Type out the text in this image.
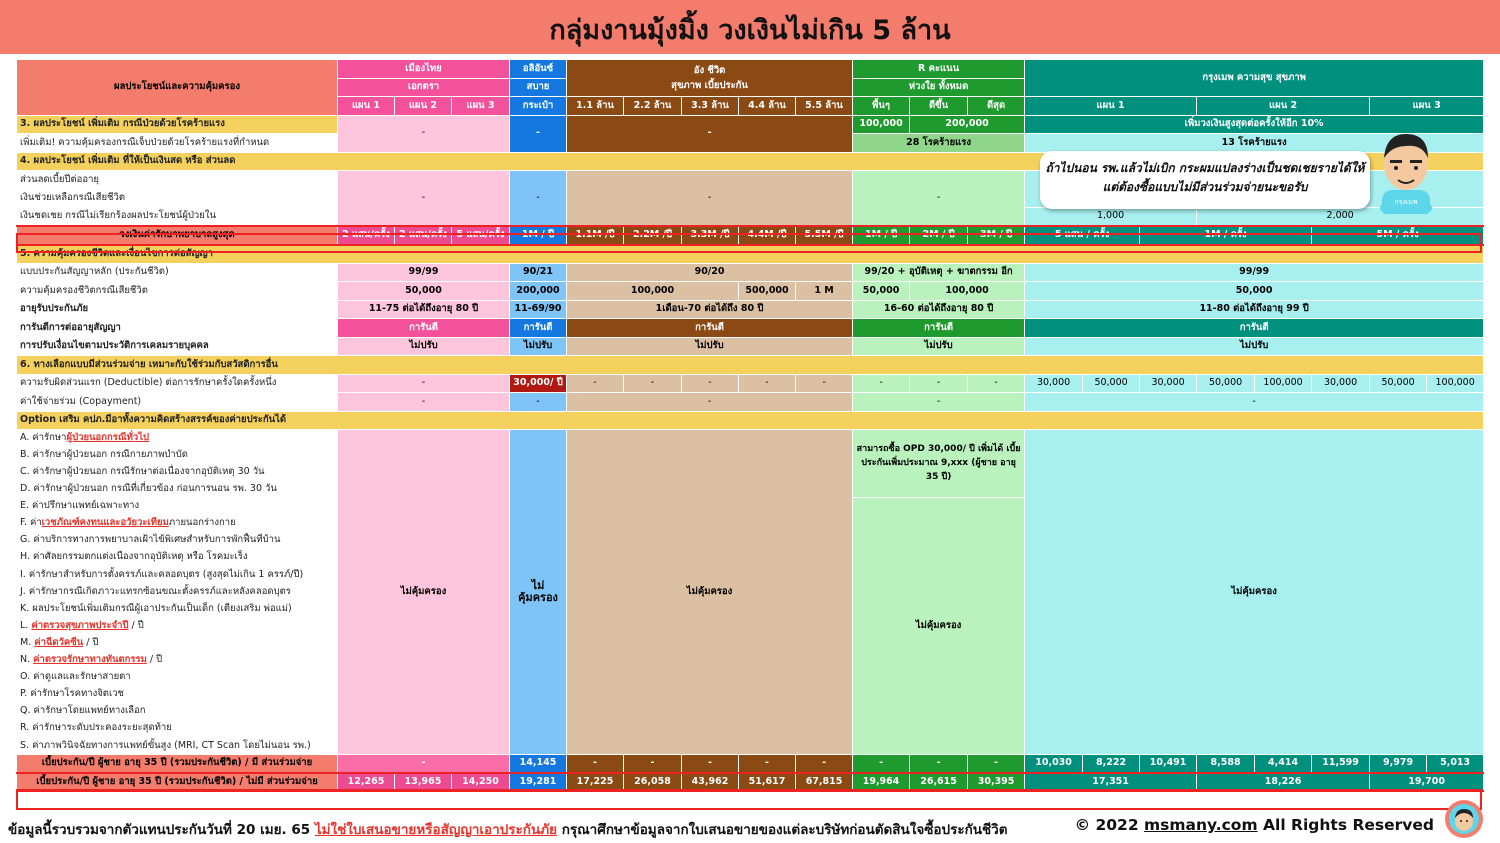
กลุ่มงานมุ้งมิ้ง วงเงินไม่เกิน 5 ล้าน
ผลประโยชน์และความคุ้มครอง	เมืองไทย			อลิอันซ์	อัง ชีวิต
สุขภาพ เบี้ยประกัน					R คะแนน			กรุงเมพ ความสุข สุขภาพ							
	เอกตรา			สบาย						ห่วงใย ทั้งหมด										
	แผน 1	แผน 2	แผน 3	กระเป๋า	1.1 ล้าน	2.2 ล้าน	3.3 ล้าน	4.4 ล้าน	5.5 ล้าน	พื้นๆ	ดีขึ้น	ดีสุด	แผน 1			แผน 2			แผน 3	
3. ผลประโยชน์ เพิ่มเติม กรณีป่วยด้วยโรคร้ายแรง	-			-	-					100,000	200,000		เพิ่มวงเงินสูงสุดต่อครั้งให้อีก 10%							
เพิ่มเติม! ความคุ้มครองกรณีเจ็บป่วยด้วยโรคร้ายแรงที่กำหนด										28 โรคร้ายแรง			13 โรคร้ายแรง							
4. ผลประโยชน์ เพิ่มเติม ที่ให้เป็นเงินสด หรือ ส่วนลด																				
ส่วนลดเบี้ยปีต่ออายุ	-			-	-					-										
เงินช่วยเหลือกรณีเสียชีวิต																				
เงินชดเชย กรณีไม่เรียกร้องผลประโยชน์ผู้ป่วยใน													1,000			2,000				
วงเงินค่ารักษาพยาบาลสูงสุด	2 แสน/ครั้ง	2 แสน/ครั้ง	5 แสน/ครั้ง	1M / ปี	1.1M /ปี	2.2M /ปี	3.3M /ปี	4.4M /ปี	5.5M /ปี	1M / ปี	2M / ปี	3M / ปี	5 แสน / ครั้ง		1M / ครั้ง			5M / ครั้ง		
5. ความคุ้มครองชีวิตและเงื่อนไขการต่อสัญญา																				
แบบประกันสัญญาหลัก (ประกันชีวิต)	99/99			90/21	90/20					99/20 + อุบัติเหตุ + ฆาตกรรม อีก			99/99							
ความคุ้มครองชีวิตกรณีเสียชีวิต	50,000			200,000	100,000			500,000	1 M	50,000	100,000		50,000							
อายุรับประกันภัย	11-75 ต่อได้ถึงอายุ 80 ปี			11-69/90	1เดือน-70 ต่อได้ถึง 80 ปี					16-60 ต่อได้ถึงอายุ 80 ปี			11-80 ต่อได้ถึงอายุ 99 ปี							
การันตีการต่ออายุสัญญา	การันตี			การันตี	การันตี					การันตี			การันตี							
การปรับเงื่อนไขตามประวัติการเคลมรายบุคคล	ไม่ปรับ			ไม่ปรับ	ไม่ปรับ					ไม่ปรับ			ไม่ปรับ							
6. ทางเลือกแบบมีส่วนร่วมจ่าย เหมาะกับใช้ร่วมกับสวัสดิการอื่น																				
ความรับผิดส่วนแรก (Deductible) ต่อการรักษาครั้งใดครั้งหนึ่ง	-			30,000/ ปี	-	-	-	-	-	-	-	-	30,000	50,000	30,000	50,000	100,000	30,000	50,000	100,000
ค่าใช้จ่ายร่วม (Copayment)	-			-	-					-			-							
Option เสริม คปภ.มีอาทั้งความคิดสร้างสรรค์ของค่ายประกันได้																				
A. ค่ารักษาผู้ป่วยนอกกรณีทั่วไป	ไม่คุ้มครอง			ไม่ คุ้มครอง	ไม่คุ้มครอง					สามารถซื้อ OPD 30,000/ ปี เพิ่มได้ เบี้ยประกันเพิ่มประมาณ 9,xxx (ผู้ชาย อายุ 35 ปี)			ไม่คุ้มครอง							
B. ค่ารักษาผู้ป่วยนอก กรณีกายภาพบำบัด																				
C. ค่ารักษาผู้ป่วยนอก กรณีรักษาต่อเนื่องจากอุบัติเหตุ 30 วัน																				
D. ค่ารักษาผู้ป่วยนอก กรณีที่เกี่ยวข้อง ก่อนการนอน รพ. 30 วัน																				
E. ค่าปรึกษาแพทย์เฉพาะทาง										ไม่คุ้มครอง										
F. ค่าเวชภัณฑ์คงทนและอวัยวะเทียมภายนอกร่างกาย																				
G. ค่าบริการทางการพยาบาลเฝ้าไข้พิเศษสำหรับการพักฟื้นที่บ้าน																				
H. ค่าศัลยกรรมตกแต่งเนื่องจากอุบัติเหตุ หรือ โรคมะเร็ง																				
I. ค่ารักษาสำหรับการตั้งครรภ์และคลอดบุตร (สูงสุดไม่เกิน 1 ครรภ์/ปี)																				
J. ค่ารักษากรณีเกิดภาวะแทรกซ้อนขณะตั้งครรภ์และหลังคลอดบุตร																				
K. ผลประโยชน์เพิ่มเติมกรณีผู้เอาประกันเป็นเด็ก (เตียงเสริม พ่อแม่)																				
L. ค่าตรวจสุขภาพประจำปี / ปี																				
M. ค่าฉีดวัคซีน / ปี																				
N. ค่าตรวจรักษาทางทันตกรรม / ปี																				
O. ค่าดูแลและรักษาสายตา																				
P. ค่ารักษาโรคทางจิตเวช																				
Q. ค่ารักษาโดยแพทย์ทางเลือก																				
R. ค่ารักษาระดับประคองระยะสุดท้าย																				
S. ค่าภาพวินิจฉัยทางการแพทย์ขั้นสูง (MRI, CT Scan โดยไม่นอน รพ.)																				
เบี้ยประกัน/ปี ผู้ชาย อายุ 35 ปี (รวมประกันชีวิต) / มี ส่วนร่วมจ่าย	-			14,145	-	-	-	-	-	-	-	-	10,030	8,222	10,491	8,588	4,414	11,599	9,979	5,013
เบี้ยประกัน/ปี ผู้ชาย อายุ 35 ปี (รวมประกันชีวิต) / ไม่มี ส่วนร่วมจ่าย	12,265	13,965	14,250	19,281	17,225	26,058	43,962	51,617	67,815	19,964	26,615	30,395	17,351			18,226			19,700	
ถ้าไปนอน รพ.แล้วไม่เบิก กระผมแปลงร่างเป็นชดเชยรายได้ให้
แต่ต้องซื้อแบบไม่มีส่วนร่วมจ่ายนะขอรับ
กรุงเมพ
ข้อมูลนี้รวบรวมจากตัวแทนประกันวันที่ 20 เมย. 65 ไม่ใช่ใบเสนอขายหรือสัญญาเอาประกันภัย กรุณาศึกษาข้อมูลจากใบเสนอขายของแต่ละบริษัทก่อนตัดสินใจซื้อประกันชีวิต	© 2022 msmany.com All Rights Reserved
